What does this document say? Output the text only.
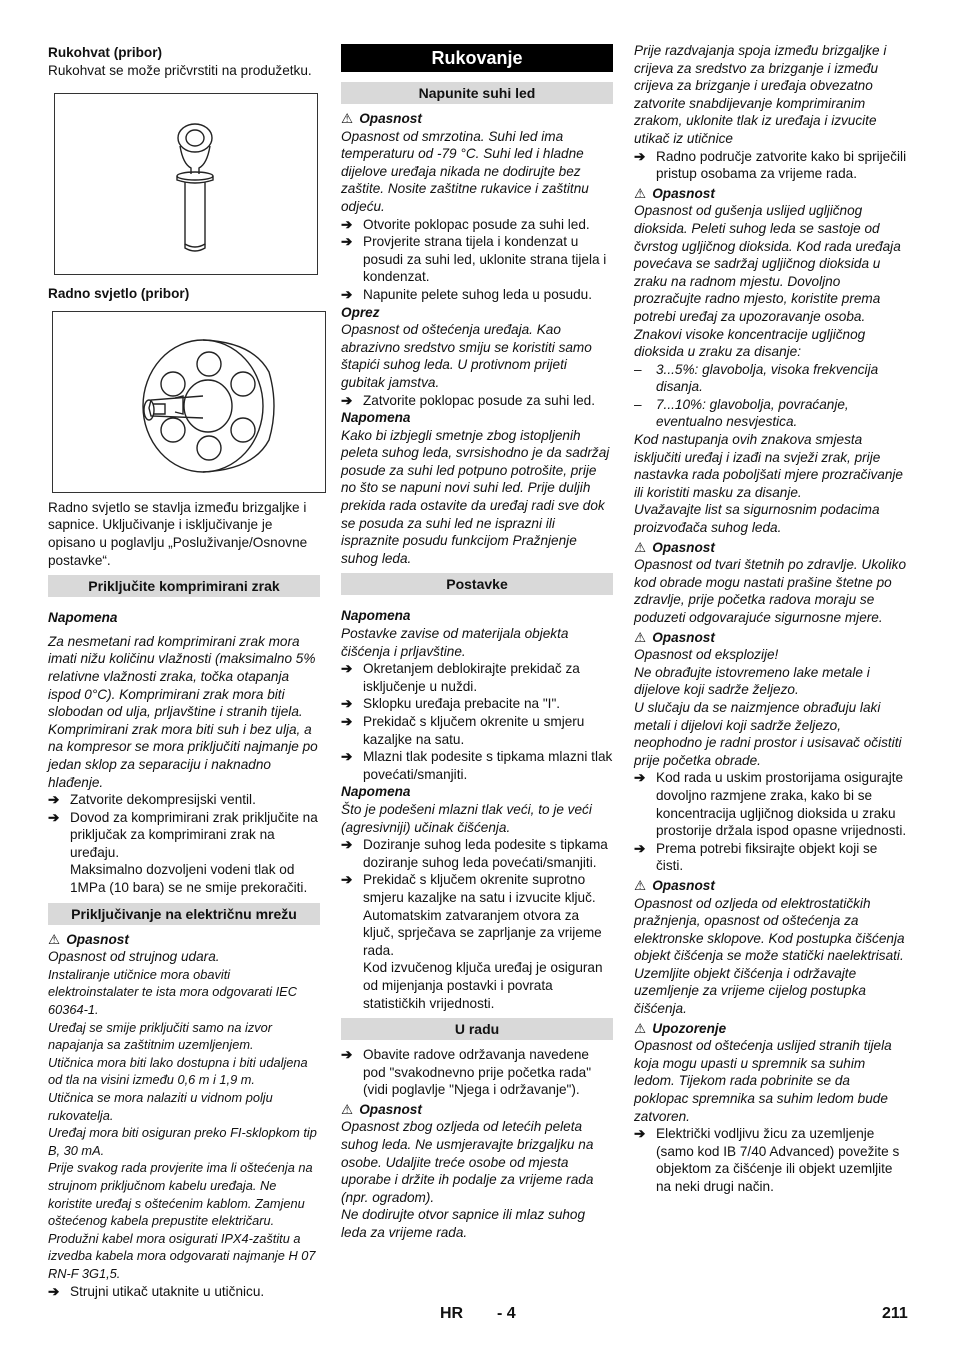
Rukohvat (pribor)

Rukohvat se može pričvrstiti na produžetku.

Radno svjetlo (pribor)

Radno svjetlo se stavlja između brizgaljke i sapnice. Uključivanje i isključivanje je opisano u poglavlju „Posluživanje/Osnovne postavke“.

Priključite komprimirani zrak

Napomena

Za nesmetani rad komprimirani zrak mora imati nižu količinu vlažnosti (maksimalno 5% relativne vlažnosti zraka, točka otapanja ispod 0°C). Komprimirani zrak mora biti slobodan od ulja, prljavštine i stranih tijela. Komprimirani zrak mora biti suh i bez ulja, a na kompresor se mora priključiti najmanje po jedan sklop za separaciju i naknadno hlađenje.

➔ Zatvorite dekompresijski ventil.
➔ Dovod za komprimirani zrak priključite na priključak za komprimirani zrak na uređaju.

Maksimalno dozvoljeni vodeni tlak od 1MPa (10 bara) se ne smije prekoračiti.

Priključivanje na električnu mrežu

⚠ Opasnost

Opasnost od strujnog udara.

Instaliranje utičnice mora obaviti elektroinstalater te ista mora odgovarati IEC 60364-1.

Uređaj se smije priključiti samo na izvor napajanja sa zaštitnim uzemljenjem.

Utičnica mora biti lako dostupna i biti udaljena od tla na visini između 0,6 m i 1,9 m.

Utičnica se mora nalaziti u vidnom polju rukovatelja.

Uređaj mora biti osiguran preko FI-sklopkom tip B, 30 mA.

Prije svakog rada provjerite ima li oštećenja na strujnom priključnom kabelu uređaja. Ne koristite uređaj s oštećenim kablom. Zamjenu oštećenog kabela prepustite električaru.

Produžni kabel mora osigurati IPX4-zaštitu a izvedba kabela mora odgovarati najmanje H 07 RN-F 3G1,5.

➔ Strujni utikač utaknite u utičnicu.
Rukovanje
Napunite suhi led

⚠ Opasnost

Opasnost od smrzotina. Suhi led ima temperaturu od -79 °C. Suhi led i hladne dijelove uređaja nikada ne dodirujte bez zaštite. Nosite zaštitne rukavice i zaštitnu odjeću.

➔ Otvorite poklopac posude za suhi led.
➔ Provjerite strana tijela i kondenzat u posudi za suhi led, uklonite strana tijela i kondenzat.
➔ Napunite pelete suhog leda u posudu.

Oprez

Opasnost od oštećenja uređaja. Kao abrazivno sredstvo smiju se koristiti samo štapići suhog leda. U protivnom prijeti gubitak jamstva.

➔ Zatvorite poklopac posude za suhi led.

Napomena

Kako bi izbjegli smetnje zbog istopljenih peleta suhog leda, svrsishodno je da sadržaj posude za suhi led potpuno potrošite, prije no što se napuni novi suhi led. Prije duljih prekida rada ostavite da uređaj radi sve dok se posuda za suhi led ne isprazni ili ispraznite posudu funkcijom Pražnjenje suhog leda.

Postavke

Napomena

Postavke zavise od materijala objekta čišćenja i prljavštine.

➔ Okretanjem deblokirajte prekidač za isključenje u nuždi.
➔ Sklopku uređaja prebacite na "I".
➔ Prekidač s ključem okrenite u smjeru kazaljke na satu.
➔ Mlazni tlak podesite s tipkama mlazni tlak povećati/smanjiti.

Napomena

Što je podešeni mlazni tlak veći, to je veći (agresivniji) učinak čišćenja.

➔ Doziranje suhog leda podesite s tipkama doziranje suhog leda povećati/smanjiti.
➔ Prekidač s ključem okrenite suprotno smjeru kazaljke na satu i izvucite ključ.

Automatskim zatvaranjem otvora za ključ, sprječava se zaprljanje za vrijeme rada.

Kod izvučenog ključa uređaj je osiguran od mijenjanja postavki i povrata statističkih vrijednosti.

U radu
➔ Obavite radove održavanja navedene pod "svakodnevno prije početka rada" (vidi poglavlje "Njega i održavanje").

⚠ Opasnost

Opasnost zbog ozljeda od letećih peleta suhog leda. Ne usmjeravajte brizgaljku na osobe. Udaljite treće osobe od mjesta uporabe i držite ih podalje za vrijeme rada (npr. ogradom).

Ne dodirujte otvor sapnice ili mlaz suhog leda za vrijeme rada.

Prije razdvajanja spoja između brizgaljke i crijeva za sredstvo za brizganje i između crijeva za brizganje i uređaja obvezatno zatvorite snabdijevanje komprimiranim zrakom, uklonite tlak iz uređaja i izvucite utikač iz utičnice

➔ Radno područje zatvorite kako bi spriječili pristup osobama za vrijeme rada.

⚠ Opasnost

Opasnost od gušenja uslijed ugljičnog dioksida. Peleti suhog leda se sastoje od čvrstog ugljičnog dioksida. Kod rada uređaja povećava se sadržaj ugljičnog dioksida u zraku na radnom mjestu. Dovoljno prozračujte radno mjesto, koristite prema potrebi uređaj za upozoravanje osoba. Znakovi visoke koncentracije ugljičnog dioksida u zraku za disanje:

– 3...5%: glavobolja, visoka frekvencija disanja.
– 7...10%: glavobolja, povraćanje, eventualno nesvjestica.

Kod nastupanja ovih znakova smjesta isključiti uređaj i izađi na svježi zrak, prije nastavka rada poboljšati mjere prozračivanje ili koristiti masku za disanje.

Uvažavajte list sa sigurnosnim podacima proizvođača suhog leda.

⚠ Opasnost

Opasnost od tvari štetnih po zdravlje. Ukoliko kod obrade mogu nastati prašine štetne po zdravlje, prije početka radova moraju se poduzeti odgovarajuće sigurnosne mjere.

⚠ Opasnost

Opasnost od eksplozije!

Ne obrađujte istovremeno lake metale i dijelove koji sadrže željezo.

U slučaju da se naizmjence obrađuju laki metali i dijelovi koji sadrže željezo, neophodno je radni prostor i usisavač očistiti prije početka obrade.

➔ Kod rada u uskim prostorijama osigurajte dovoljno razmjene zraka, kako bi se koncentracija ugljičnog dioksida u zraku prostorije držala ispod opasne vrijednosti.
➔ Prema potrebi fiksirajte objekt koji se čisti.

⚠ Opasnost

Opasnost od ozljeda od elektrostatičkih pražnjenja, opasnost od oštećenja za elektronske sklopove. Kod postupka čišćenja objekt čišćenja se može statički naelektrisati. Uzemljite objekt čišćenja i održavajte uzemljenje za vrijeme cijelog postupka čišćenja.

⚠ Upozorenje

Opasnost od oštećenja uslijed stranih tijela koja mogu upasti u spremnik sa suhim ledom. Tijekom rada pobrinite se da poklopac spremnika sa suhim ledom bude zatvoren.

➔ Električki vodljivu žicu za uzemljenje (samo kod IB 7/40 Advanced) povežite s objektom za čišćenje ili objekt uzemljite na neki drugi način.
HR - 4	211
